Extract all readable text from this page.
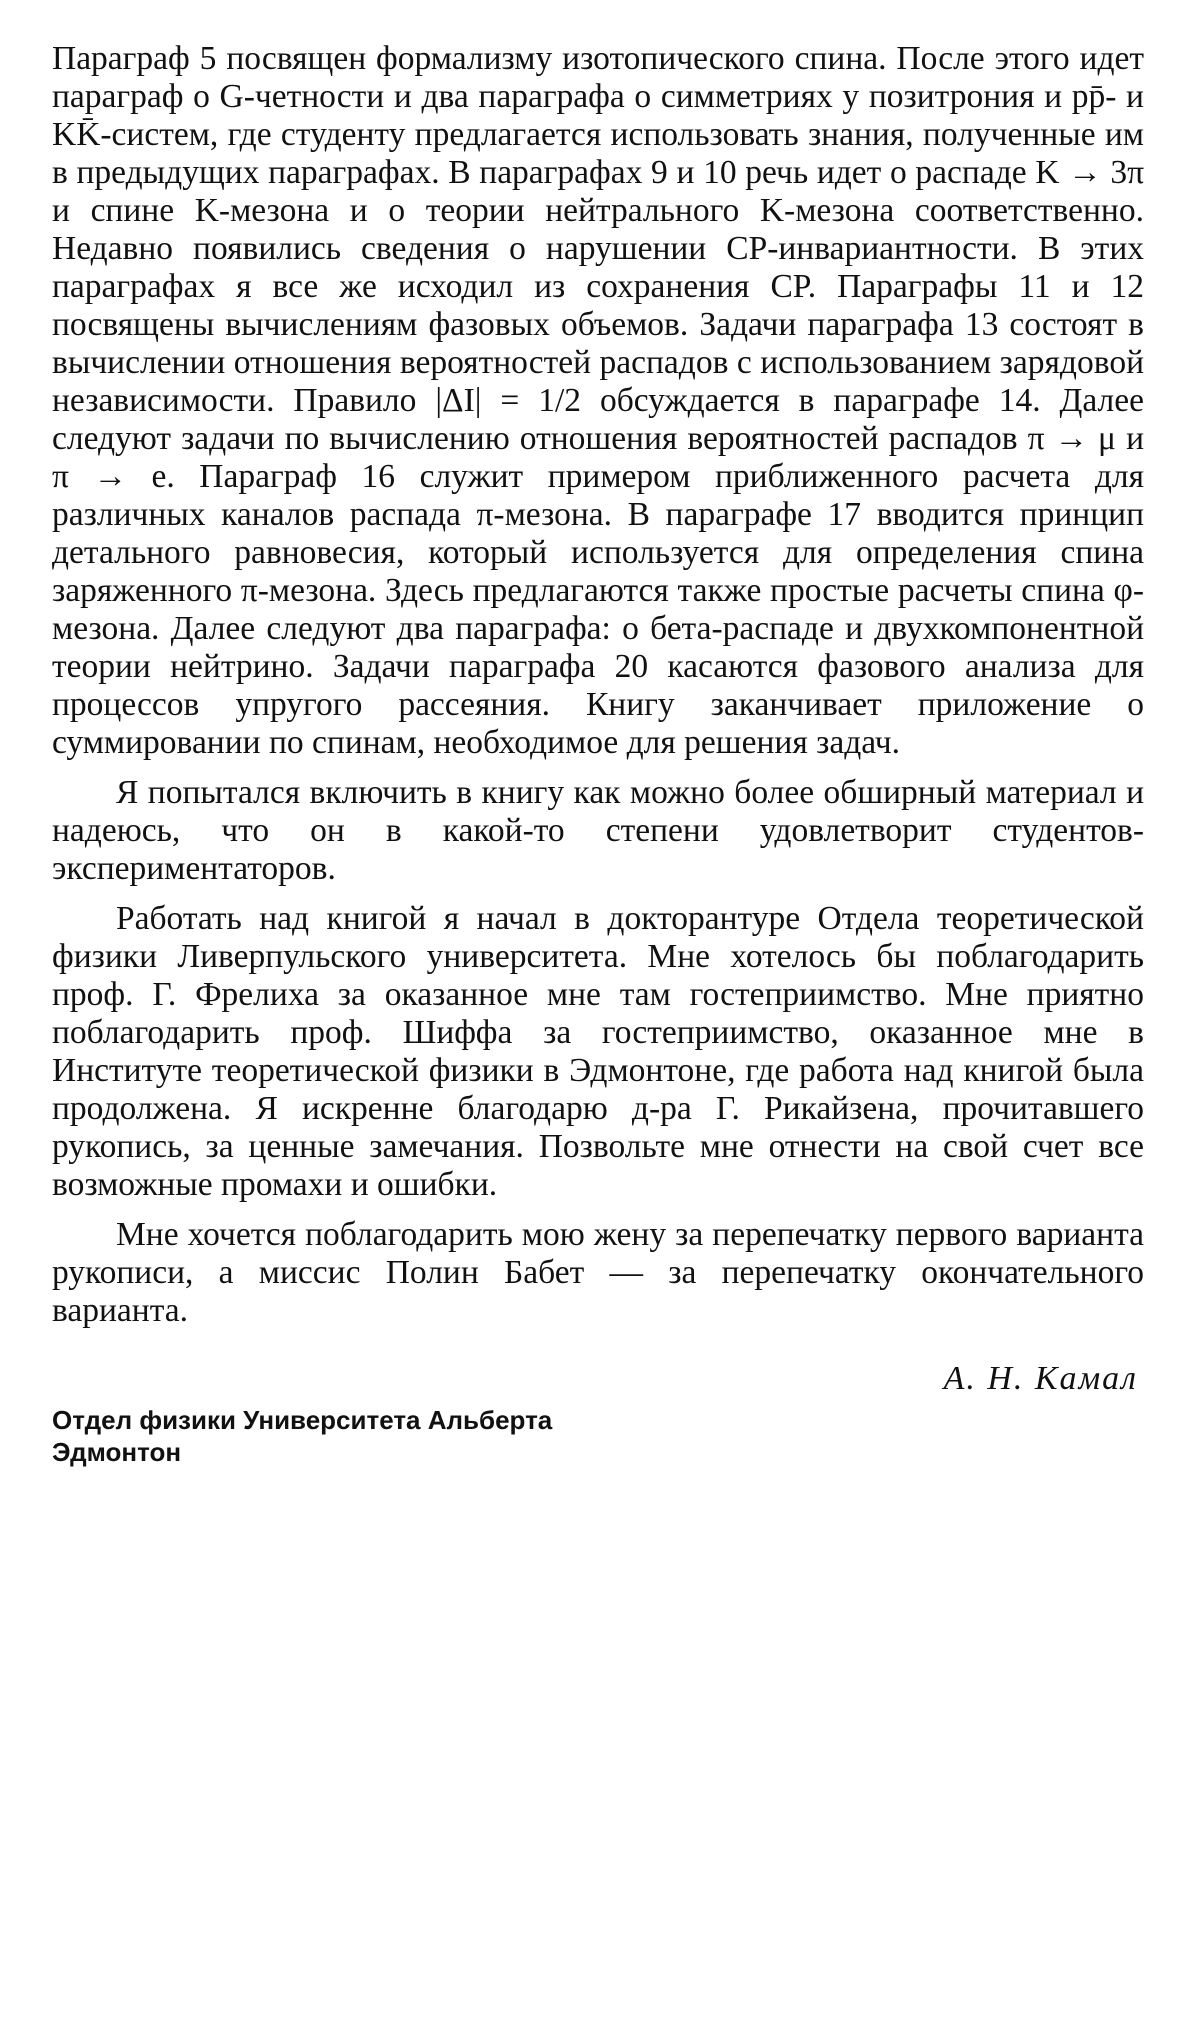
Параграф 5 посвящен формализму изотопического спина. После этого идет параграф о G-четности и два параграфа о симметриях у позитрония и pp̄- и KK̄-систем, где студенту предлагается использовать знания, полученные им в предыдущих параграфах. В параграфах 9 и 10 речь идет о распаде K → 3π и спине K-мезона и о теории нейтрального K-мезона соответственно. Недавно появились сведения о нарушении CP-инвариантности. В этих параграфах я все же исходил из сохранения CP. Параграфы 11 и 12 посвящены вычислениям фазовых объемов. Задачи параграфа 13 состоят в вычислении отношения вероятностей распадов с использованием зарядовой независимости. Правило |ΔI| = 1/2 обсуждается в параграфе 14. Далее следуют задачи по вычислению отношения вероятностей распадов π → μ и π → e. Параграф 16 служит примером приближенного расчета для различных каналов распада π-мезона. В параграфе 17 вводится принцип детального равновесия, который используется для определения спина заряженного π-мезона. Здесь предлагаются также простые расчеты спина φ-мезона. Далее следуют два параграфа: о бета-распаде и двухкомпонентной теории нейтрино. Задачи параграфа 20 касаются фазового анализа для процессов упругого рассеяния. Книгу заканчивает приложение о суммировании по спинам, необходимое для решения задач.

Я попытался включить в книгу как можно более обширный материал и надеюсь, что он в какой-то степени удовлетворит студентов-экспериментаторов.

Работать над книгой я начал в докторантуре Отдела теоретической физики Ливерпульского университета. Мне хотелось бы поблагодарить проф. Г. Фрелиха за оказанное мне там гостеприимство. Мне приятно поблагодарить проф. Шиффа за гостеприимство, оказанное мне в Институте теоретической физики в Эдмонтоне, где работа над книгой была продолжена. Я искренне благодарю д-ра Г. Рикайзена, прочитавшего рукопись, за ценные замечания. Позвольте мне отнести на свой счет все возможные промахи и ошибки.

Мне хочется поблагодарить мою жену за перепечатку первого варианта рукописи, а миссис Полин Бабет — за перепечатку окончательного варианта.

А. Н. Камал
Отдел физики Университета Альберта
Эдмонтон
